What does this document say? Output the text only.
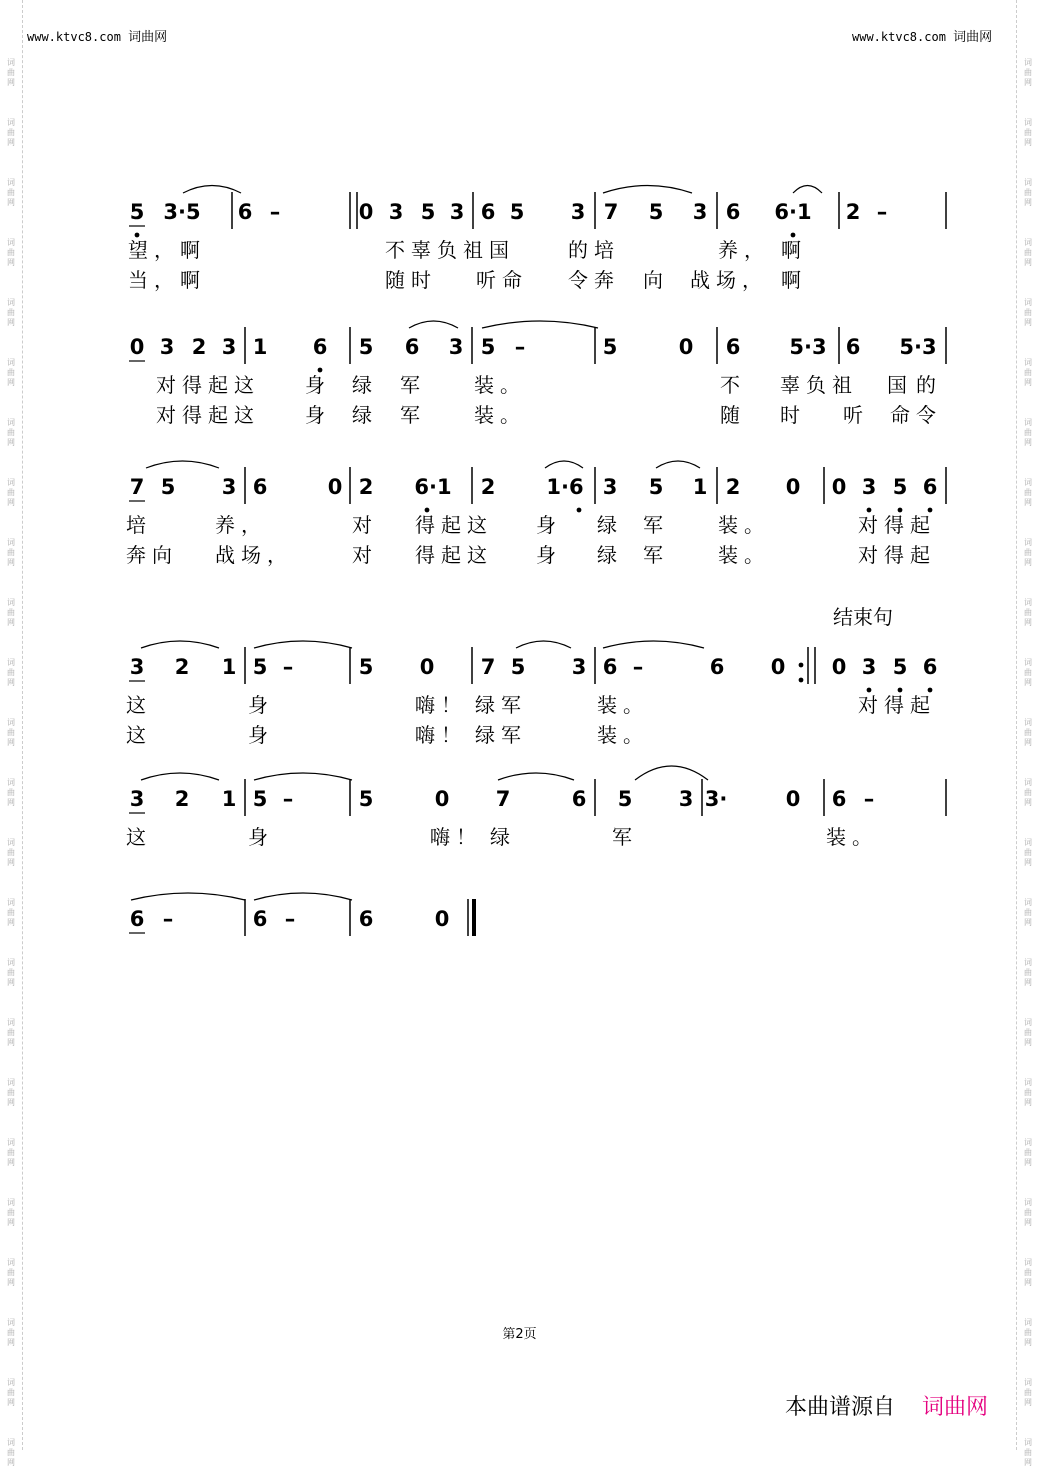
词
曲
网
词
曲
网
词
曲
网
词
曲
网
词
曲
网
词
曲
网
词
曲
网
词
曲
网
词
曲
网
词
曲
网
词
曲
网
词
曲
网
词
曲
网
词
曲
网
词
曲
网
词
曲
网
词
曲
网
词
曲
网
词
曲
网
词
曲
网
词
曲
网
词
曲
网
词
曲
网
词
曲
网
词
曲
网
词
曲
网
词
曲
网
词
曲
网
词
曲
网
词
曲
网
词
曲
网
词
曲
网
词
曲
网
词
曲
网
词
曲
网
词
曲
网
词
曲
网
词
曲
网
词
曲
网
词
曲
网
词
曲
网
词
曲
网
词
曲
网
词
曲
网
词
曲
网
词
曲
网
词
曲
网
词
曲
网
www.ktvc8.com 词曲网	www.ktvc8.com 词曲网
5 3·5 6 –	0 3 5 3 6 5 3 7 5 3 6 6·1 2 –
望，啊	不辜负祖国	的培	养， 啊
当，啊	随时 听命 令奔 向 战场， 啊
0 3 2 3 1 6 5 6 3 5 –	5	0 6 5·3 6 5·3
对得起这 身 绿 军 装。	不 辜负祖 国 的
对得起这 身 绿 军 装。	随 时 听 命令
7 5 3 6	0 2 6·1 2 1·6 3 5 1 2 0 0 3 5 6
培	养，	对 得起这 身 绿 军 装。	对得起
奔向 战场，	对 得起这 身 绿 军 装。	对得起
3 2 1 5 –	5 0 7 5 3 6 –	6 0 0 3 5 6
这	身	嗨！ 绿军	装。	对得起
这	身	嗨！ 绿军	装。
3 2 1 5 –	5	0 7	6 5 3 3·	0 6 –
这	身	嗨！ 绿	军	装。
6 –	6 –	6	0
结束句
第2页
本曲谱源自 词曲网
